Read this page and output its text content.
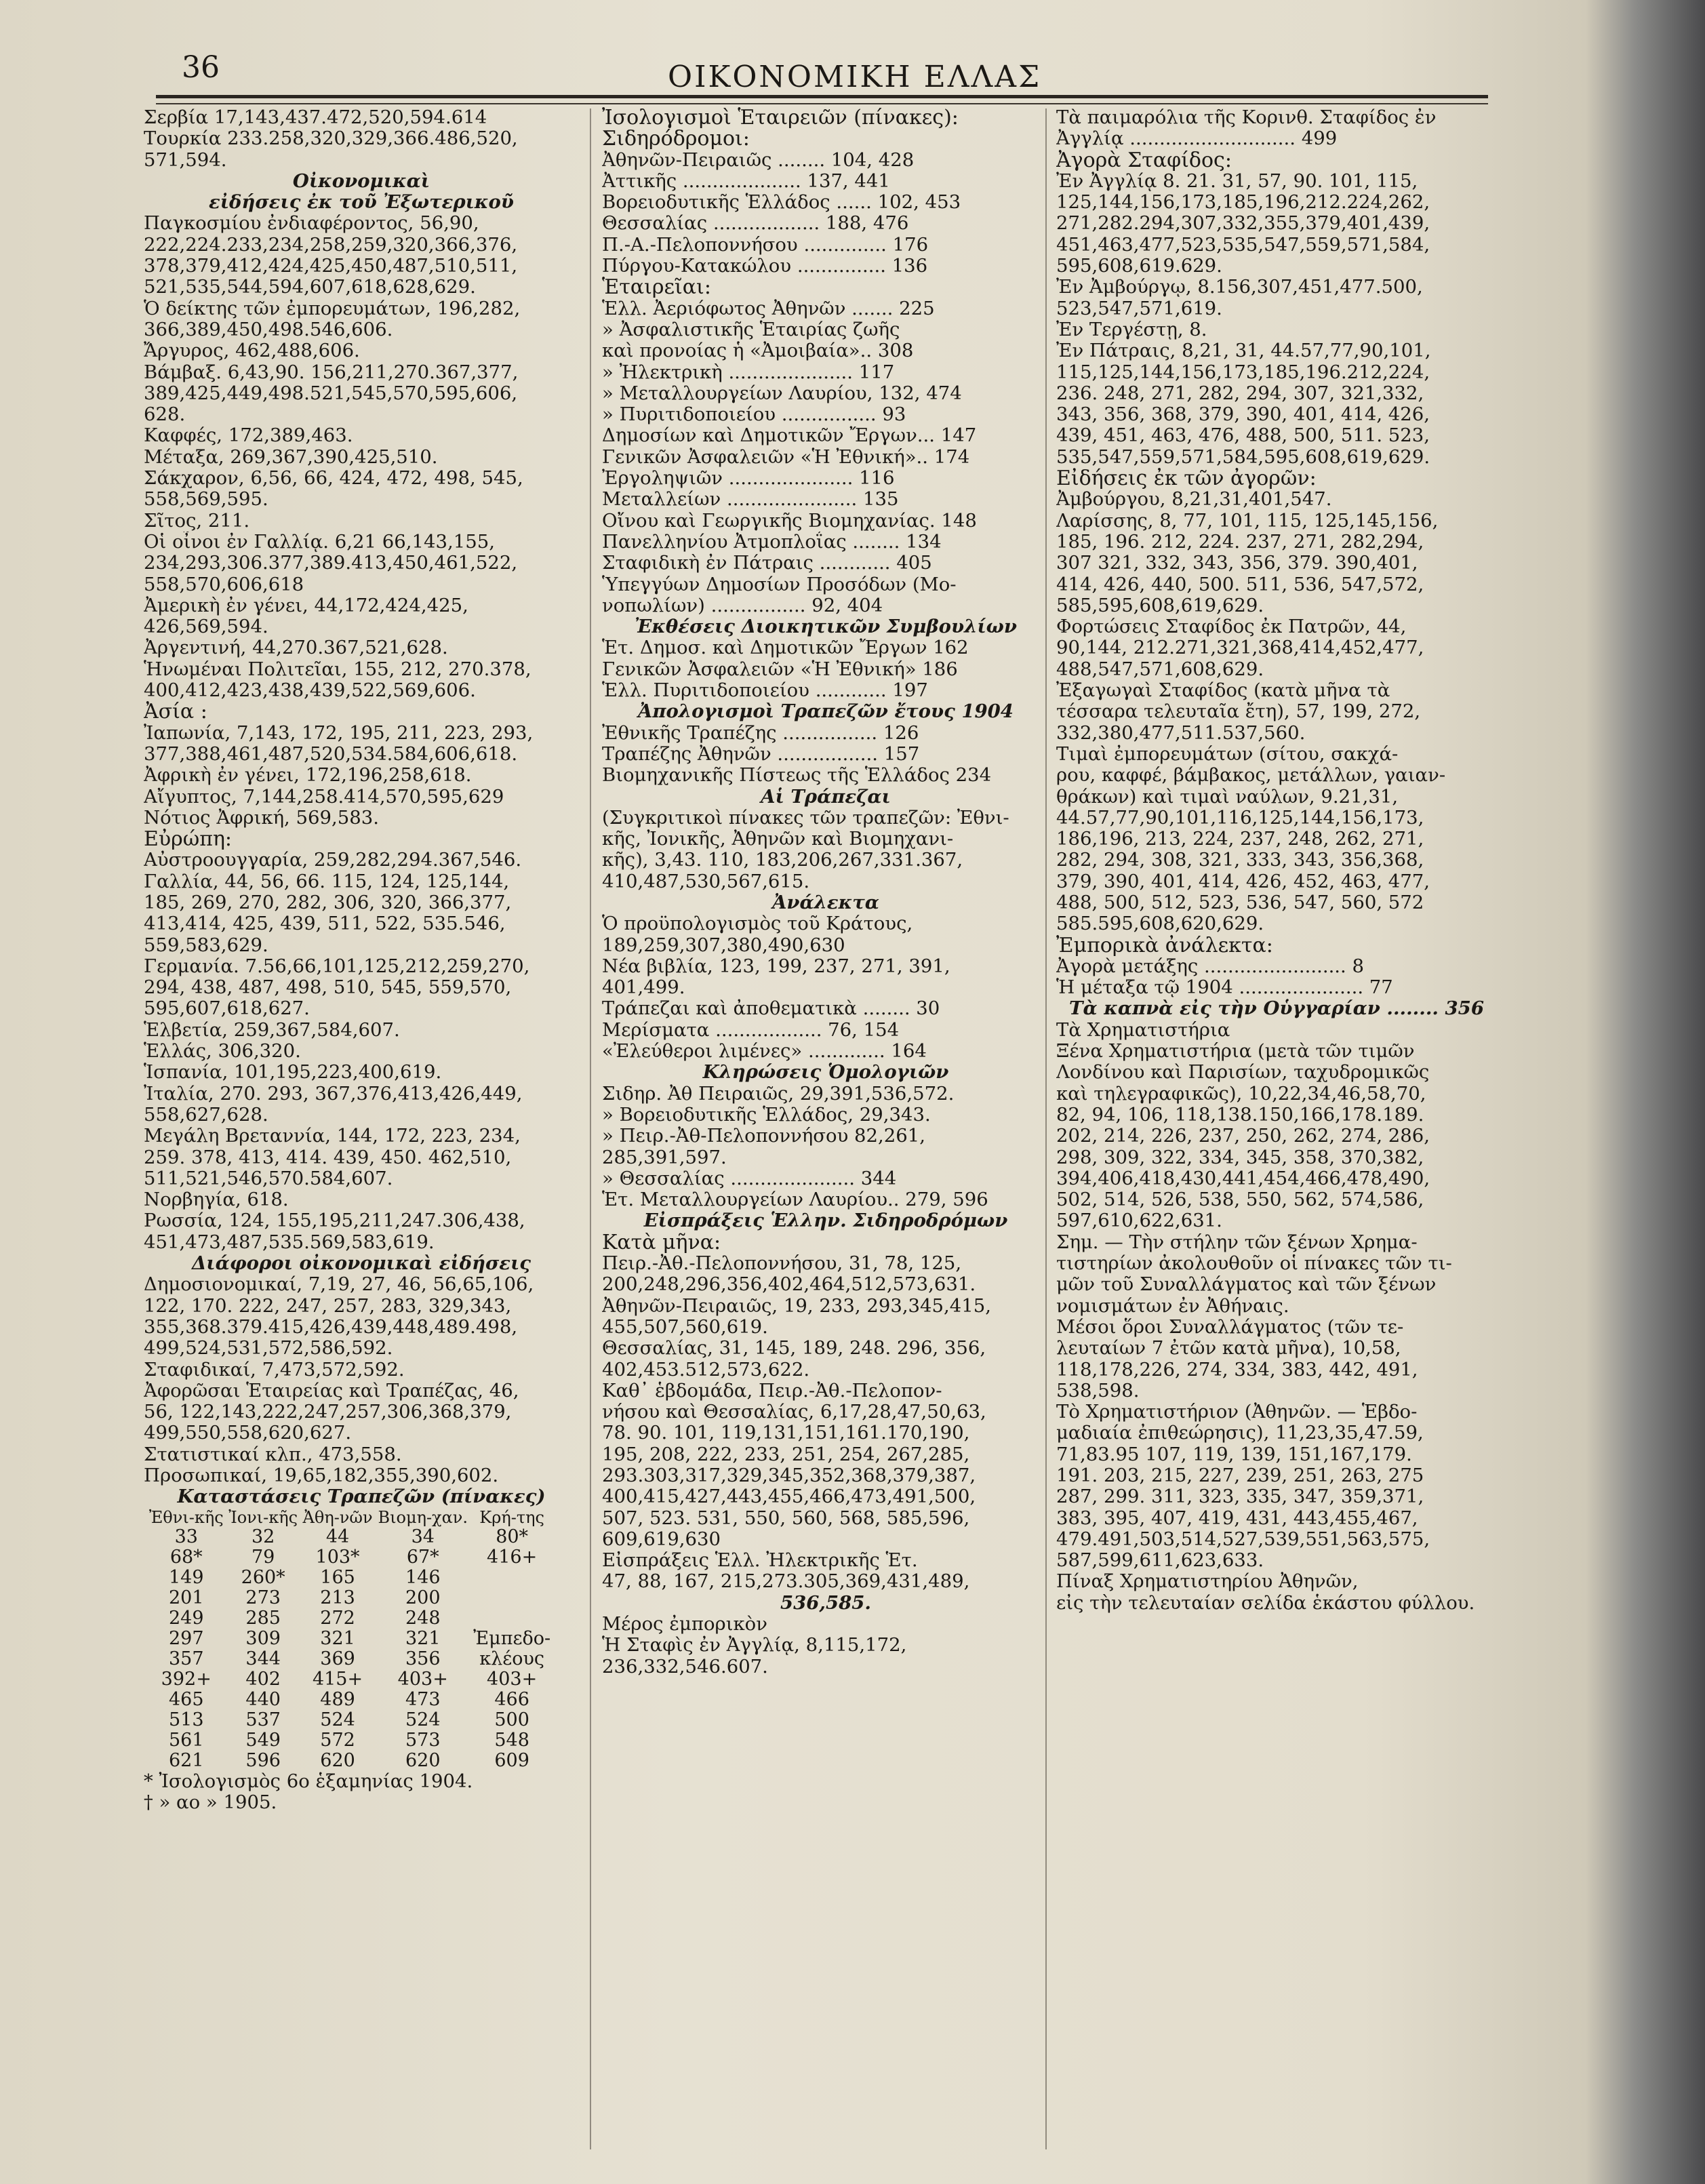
36	ΟΙΚΟΝΟΜΙΚΗ ΕΛΛΑΣ
Σερβία 17,143,437.472,520,594.614
Τουρκία 233.258,320,329,366.486,520,
571,594.
Οἰκονομικαὶ
εἰδήσεις ἐκ τοῦ Ἐξωτερικοῦ
Παγκοσμίου ἐνδιαφέροντος, 56,90,
222,224.233,234,258,259,320,366,376,
378,379,412,424,425,450,487,510,511,
521,535,544,594,607,618,628,629.
Ὁ δείκτης τῶν ἐμπορευμάτων, 196,282,
366,389,450,498.546,606.
Ἄργυρος, 462,488,606.
Βάμβαξ. 6,43,90. 156,211,270.367,377,
389,425,449,498.521,545,570,595,606,
628.
Καφφές, 172,389,463.
Μέταξα, 269,367,390,425,510.
Σάκχαρον, 6,56, 66, 424, 472, 498, 545,
558,569,595.
Σῖτος, 211.
Οἱ οἶνοι ἐν Γαλλίᾳ. 6,21 66,143,155,
234,293,306.377,389.413,450,461,522,
558,570,606,618
Ἀμερικὴ ἐν γένει, 44,172,424,425,
426,569,594.
Ἀργεντινή, 44,270.367,521,628.
Ἡνωμέναι Πολιτεῖαι, 155, 212, 270.378,
400,412,423,438,439,522,569,606.
Ἀσία :
Ἰαπωνία, 7,143, 172, 195, 211, 223, 293,
377,388,461,487,520,534.584,606,618.
Ἀφρικὴ ἐν γένει, 172,196,258,618.
Αἴγυπτος, 7,144,258.414,570,595,629
Νότιος Ἀφρική, 569,583.
Εὐρώπη:
Αὐστροουγγαρία, 259,282,294.367,546.
Γαλλία, 44, 56, 66. 115, 124, 125,144,
185, 269, 270, 282, 306, 320, 366,377,
413,414, 425, 439, 511, 522, 535.546,
559,583,629.
Γερμανία. 7.56,66,101,125,212,259,270,
294, 438, 487, 498, 510, 545, 559,570,
595,607,618,627.
Ἑλβετία, 259,367,584,607.
Ἑλλάς, 306,320.
Ἱσπανία, 101,195,223,400,619.
Ἰταλία, 270. 293, 367,376,413,426,449,
558,627,628.
Μεγάλη Βρεταννία, 144, 172, 223, 234,
259. 378, 413, 414. 439, 450. 462,510,
511,521,546,570.584,607.
Νορβηγία, 618.
Ρωσσία, 124, 155,195,211,247.306,438,
451,473,487,535.569,583,619.
Διάφοροι οἰκονομικαὶ εἰδήσεις
Δημοσιονομικαί, 7,19, 27, 46, 56,65,106,
122, 170. 222, 247, 257, 283, 329,343,
355,368.379.415,426,439,448,489.498,
499,524,531,572,586,592.
Σταφιδικαί, 7,473,572,592.
Ἀφορῶσαι Ἑταιρείας καὶ Τραπέζας, 46,
56, 122,143,222,247,257,306,368,379,
499,550,558,620,627.
Στατιστικαί κλπ., 473,558.
Προσωπικαί, 19,65,182,355,390,602.
Καταστάσεις Τραπεζῶν (πίνακες)
Ἐθνι-κῆς	Ἰονι-κῆς	Ἀθη-νῶν	Βιομη-χαν.	Κρή-της
33	32	44	34	80*
68*	79	103*	67*	416+
149	260*	165	146	
201	273	213	200	
249	285	272	248	
297	309	321	321	Ἐμπεδο-
357	344	369	356	κλέους
392+	402	415+	403+	403+
465	440	489	473	466
513	537	524	524	500
561	549	572	573	548
621	596	620	620	609
* Ἰσολογισμὸς 6ο ἑξαμηνίας 1904.
† » αο » 1905.
Ἰσολογισμοὶ Ἑταιρειῶν (πίνακες):
Σιδηρόδρομοι:
Ἀθηνῶν-Πειραιῶς ........ 104, 428
Ἀττικῆς .................... 137, 441
Βορειοδυτικῆς Ἑλλάδος ...... 102, 453
Θεσσαλίας .................. 188, 476
Π.-Α.-Πελοποννήσου .............. 176
Πύργου-Κατακώλου ............... 136
Ἑταιρεῖαι:
Ἑλλ. Ἀεριόφωτος Ἀθηνῶν ....... 225
» Ἀσφαλιστικῆς Ἑταιρίας ζωῆς
καὶ προνοίας ἡ «Ἀμοιβαία».. 308
» Ἠλεκτρικὴ ..................... 117
» Μεταλλουργείων Λαυρίου, 132, 474
» Πυριτιδοποιείου ................ 93
Δημοσίων καὶ Δημοτικῶν Ἔργων... 147
Γενικῶν Ἀσφαλειῶν «Ἡ Ἐθνική».. 174
Ἐργοληψιῶν ..................... 116
Μεταλλείων ...................... 135
Οἴνου καὶ Γεωργικῆς Βιομηχανίας. 148
Πανελληνίου Ἀτμοπλοΐας ........ 134
Σταφιδικὴ ἐν Πάτραις ............ 405
Ὑπεγγύων Δημοσίων Προσόδων (Μο-
νοπωλίων) ................ 92, 404
Ἐκθέσεις Διοικητικῶν Συμβουλίων
Ἑτ. Δημοσ. καὶ Δημοτικῶν Ἔργων 162
Γενικῶν Ἀσφαλειῶν «Ἡ Ἐθνική» 186
Ἑλλ. Πυριτιδοποιείου ............ 197
Ἀπολογισμοὶ Τραπεζῶν ἔτους 1904
Ἐθνικῆς Τραπέζης ................ 126
Τραπέζης Ἀθηνῶν ................. 157
Βιομηχανικῆς Πίστεως τῆς Ἑλλάδος 234
Αἱ Τράπεζαι
(Συγκριτικοὶ πίνακες τῶν τραπεζῶν: Ἐθνι-
κῆς, Ἰονικῆς, Ἀθηνῶν καὶ Βιομηχανι-
κῆς), 3,43. 110, 183,206,267,331.367,
410,487,530,567,615.
Ἀνάλεκτα
Ὁ προϋπολογισμὸς τοῦ Κράτους,
189,259,307,380,490,630
Νέα βιβλία, 123, 199, 237, 271, 391,
401,499.
Τράπεζαι καὶ ἀποθεματικὰ ........ 30
Μερίσματα .................. 76, 154
«Ἐλεύθεροι λιμένες» ............. 164
Κληρώσεις Ὁμολογιῶν
Σιδηρ. Ἀθ Πειραιῶς, 29,391,536,572.
» Βορειοδυτικῆς Ἑλλάδος, 29,343.
» Πειρ.-Ἀθ-Πελοποννήσου 82,261,
285,391,597.
» Θεσσαλίας ..................... 344
Ἑτ. Μεταλλουργείων Λαυρίου.. 279, 596
Εἰσπράξεις Ἑλλην. Σιδηροδρόμων
Κατὰ μῆνα:
Πειρ.-Ἀθ.-Πελοποννήσου, 31, 78, 125,
200,248,296,356,402,464,512,573,631.
Ἀθηνῶν-Πειραιῶς, 19, 233, 293,345,415,
455,507,560,619.
Θεσσαλίας, 31, 145, 189, 248. 296, 356,
402,453.512,573,622.
Καθ᾽ ἑβδομάδα, Πειρ.-Ἀθ.-Πελοπον-
νήσου καὶ Θεσσαλίας, 6,17,28,47,50,63,
78. 90. 101, 119,131,151,161.170,190,
195, 208, 222, 233, 251, 254, 267,285,
293.303,317,329,345,352,368,379,387,
400,415,427,443,455,466,473,491,500,
507, 523. 531, 550, 560, 568, 585,596,
609,619,630
Εἰσπράξεις Ἑλλ. Ἠλεκτρικῆς Ἑτ.
47, 88, 167, 215,273.305,369,431,489,
536,585.
Μέρος ἐμπορικὸν
Ἡ Σταφὶς ἐν Ἀγγλίᾳ, 8,115,172,
236,332,546.607.
Τὰ παιμαρόλια τῆς Κορινθ. Σταφίδος ἐν
Ἀγγλίᾳ ............................ 499
Ἀγορὰ Σταφίδος:
Ἐν Ἀγγλίᾳ 8. 21. 31, 57, 90. 101, 115,
125,144,156,173,185,196,212.224,262,
271,282.294,307,332,355,379,401,439,
451,463,477,523,535,547,559,571,584,
595,608,619.629.
Ἐν Ἀμβούργῳ, 8.156,307,451,477.500,
523,547,571,619.
Ἐν Τεργέστῃ, 8.
Ἐν Πάτραις, 8,21, 31, 44.57,77,90,101,
115,125,144,156,173,185,196.212,224,
236. 248, 271, 282, 294, 307, 321,332,
343, 356, 368, 379, 390, 401, 414, 426,
439, 451, 463, 476, 488, 500, 511. 523,
535,547,559,571,584,595,608,619,629.
Εἰδήσεις ἐκ τῶν ἀγορῶν:
Ἀμβούργου, 8,21,31,401,547.
Λαρίσσης, 8, 77, 101, 115, 125,145,156,
185, 196. 212, 224. 237, 271, 282,294,
307 321, 332, 343, 356, 379. 390,401,
414, 426, 440, 500. 511, 536, 547,572,
585,595,608,619,629.
Φορτώσεις Σταφίδος ἐκ Πατρῶν, 44,
90,144, 212.271,321,368,414,452,477,
488,547,571,608,629.
Ἐξαγωγαὶ Σταφίδος (κατὰ μῆνα τὰ
τέσσαρα τελευταῖα ἔτη), 57, 199, 272,
332,380,477,511.537,560.
Τιμαὶ ἐμπορευμάτων (σίτου, σακχά-
ρου, καφφέ, βάμβακος, μετάλλων, γαιαν-
θράκων) καὶ τιμαὶ ναύλων, 9.21,31,
44.57,77,90,101,116,125,144,156,173,
186,196, 213, 224, 237, 248, 262, 271,
282, 294, 308, 321, 333, 343, 356,368,
379, 390, 401, 414, 426, 452, 463, 477,
488, 500, 512, 523, 536, 547, 560, 572
585.595,608,620,629.
Ἐμπορικὰ ἀνάλεκτα:
Ἀγορὰ μετάξης ........................ 8
Ἡ μέταξα τῷ 1904 ..................... 77
Τὰ καπνὰ εἰς τὴν Οὑγγαρίαν ........ 356
Τὰ Χρηματιστήρια
Ξένα Χρηματιστήρια (μετὰ τῶν τιμῶν
Λονδίνου καὶ Παρισίων, ταχυδρομικῶς
καὶ τηλεγραφικῶς), 10,22,34,46,58,70,
82, 94, 106, 118,138.150,166,178.189.
202, 214, 226, 237, 250, 262, 274, 286,
298, 309, 322, 334, 345, 358, 370,382,
394,406,418,430,441,454,466,478,490,
502, 514, 526, 538, 550, 562, 574,586,
597,610,622,631.
Σημ. — Τὴν στήλην τῶν ξένων Χρημα-
τιστηρίων ἀκολουθοῦν οἱ πίνακες τῶν τι-
μῶν τοῦ Συναλλάγματος καὶ τῶν ξένων
νομισμάτων ἐν Ἀθήναις.
Μέσοι ὅροι Συναλλάγματος (τῶν τε-
λευταίων 7 ἐτῶν κατὰ μῆνα), 10,58,
118,178,226, 274, 334, 383, 442, 491,
538,598.
Τὸ Χρηματιστήριον (Ἀθηνῶν. — Ἑβδο-
μαδιαία ἐπιθεώρησις), 11,23,35,47.59,
71,83.95 107, 119, 139, 151,167,179.
191. 203, 215, 227, 239, 251, 263, 275
287, 299. 311, 323, 335, 347, 359,371,
383, 395, 407, 419, 431, 443,455,467,
479.491,503,514,527,539,551,563,575,
587,599,611,623,633.
Πίναξ Χρηματιστηρίου Ἀθηνῶν,
εἰς τὴν τελευταίαν σελίδα ἑκάστου φύλλου.
